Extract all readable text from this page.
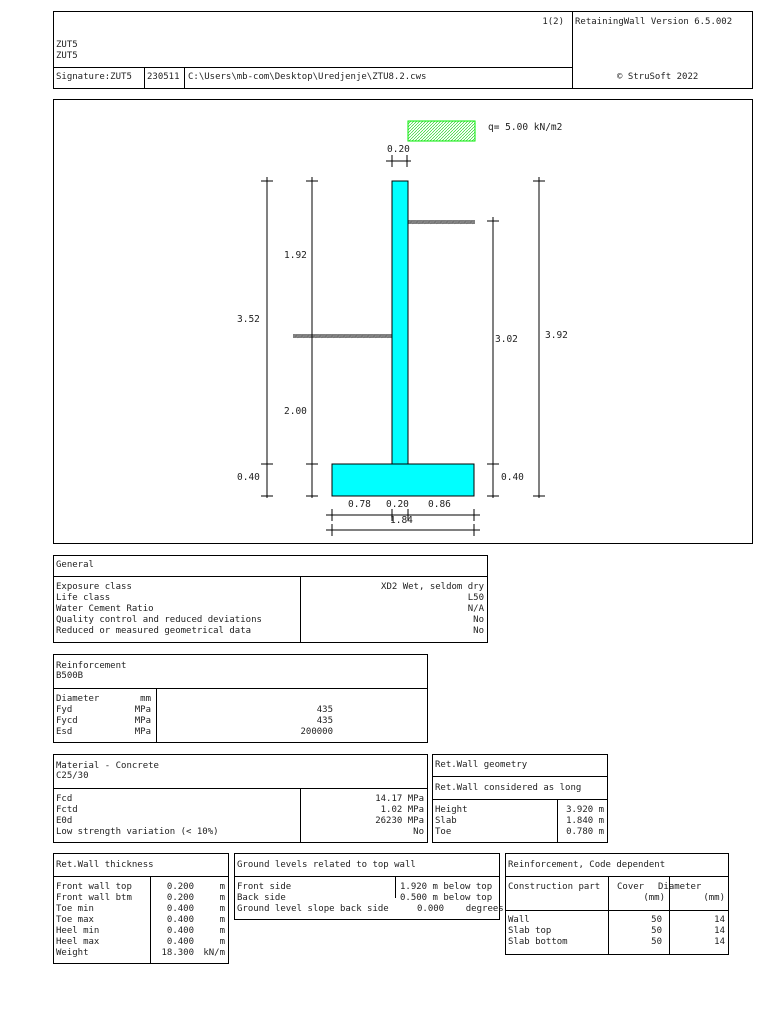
1(2) RetainingWall Version 6.5.002
ZUT5
ZUT5
Signature:ZUT5 230511 C:\Users\mb-com\Desktop\Uredjenje\ZTU8.2.cws	© StruSoft 2022
q= 5.00 kN/m2
0.20
1.92
3.52
2.00
0.40
3.02	3.92
0.40
0.78 0.20 0.86
1.84
General
Exposure class
Life class
Water Cement Ratio
Quality control and reduced deviations
Reduced or measured geometrical data
XD2 Wet, seldom dry
L50
N/A
No
No
Reinforcement
B500B
Diameter
Fyd
Fycd
Esd
mm
MPa
MPa
MPa
435
435
200000
Material - Concrete
C25/30
Fcd
Fctd
E0d
Low strength variation (< 10%)
14.17 MPa
1.02 MPa
26230 MPa
No
Ret.Wall geometry
Ret.Wall considered as long
Height
Slab
Toe
3.920 m
1.840 m
0.780 m
Ret.Wall thickness
Front wall top
Front wall btm
Toe min
Toe max
Heel min
Heel max
Weight
0.200
0.200
0.400
0.400
0.400
0.400
18.300
m
m
m
m
m
m
kN/m
Ground levels related to top wall
Front side
Back side
Ground level slope back side
1.920 m below top
0.500 m below top
0.000    degrees
Reinforcement, Code dependent
Construction part Cover
(mm)
Diameter
(mm)
Wall
Slab top
Slab bottom
50
50
50
14
14
14
